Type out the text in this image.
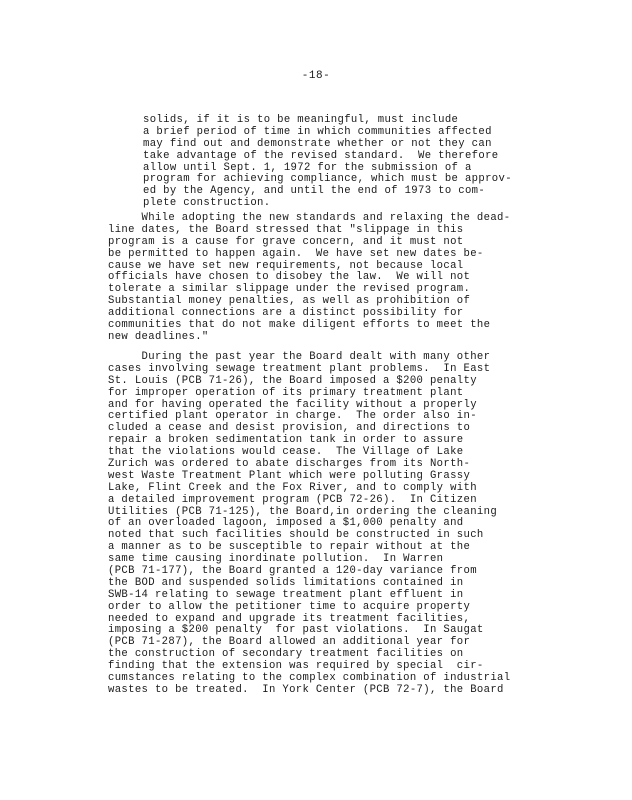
-18-
solids, if it is to be meaningful, must include
a brief period of time in which communities affected
may find out and demonstrate whether or not they can
take advantage of the revised standard.  We therefore
allow until Sept. 1, 1972 for the submission of a
program for achieving compliance, which must be approv-
ed by the Agency, and until the end of 1973 to com-
plete construction.
While adopting the new standards and relaxing the dead-
line dates, the Board stressed that "slippage in this
program is a cause for grave concern, and it must not
be permitted to happen again.  We have set new dates be-
cause we have set new requirements, not because local
officials have chosen to disobey the law.  We will not
tolerate a similar slippage under the revised program.
Substantial money penalties, as well as prohibition of
additional connections are a distinct possibility for
communities that do not make diligent efforts to meet the
new deadlines."
During the past year the Board dealt with many other
cases involving sewage treatment plant problems.  In East
St. Louis (PCB 71-26), the Board imposed a $200 penalty
for improper operation of its primary treatment plant
and for having operated the facility without a properly
certified plant operator in charge.  The order also in-
cluded a cease and desist provision, and directions to
repair a broken sedimentation tank in order to assure
that the violations would cease.  The Village of Lake
Zurich was ordered to abate discharges from its North-
west Waste Treatment Plant which were polluting Grassy
Lake, Flint Creek and the Fox River, and to comply with
a detailed improvement program (PCB 72-26).  In Citizen
Utilities (PCB 71-125), the Board,in ordering the cleaning
of an overloaded lagoon, imposed a $1,000 penalty and
noted that such facilities should be constructed in such
a manner as to be susceptible to repair without at the
same time causing inordinate pollution.  In Warren
(PCB 71-177), the Board granted a 120-day variance from
the BOD and suspended solids limitations contained in
SWB-14 relating to sewage treatment plant effluent in
order to allow the petitioner time to acquire property
needed to expand and upgrade its treatment facilities,
imposing a $200 penalty  for past violations.  In Saugat
(PCB 71-287), the Board allowed an additional year for
the construction of secondary treatment facilities on
finding that the extension was required by special  cir-
cumstances relating to the complex combination of industrial
wastes to be treated.  In York Center (PCB 72-7), the Board
